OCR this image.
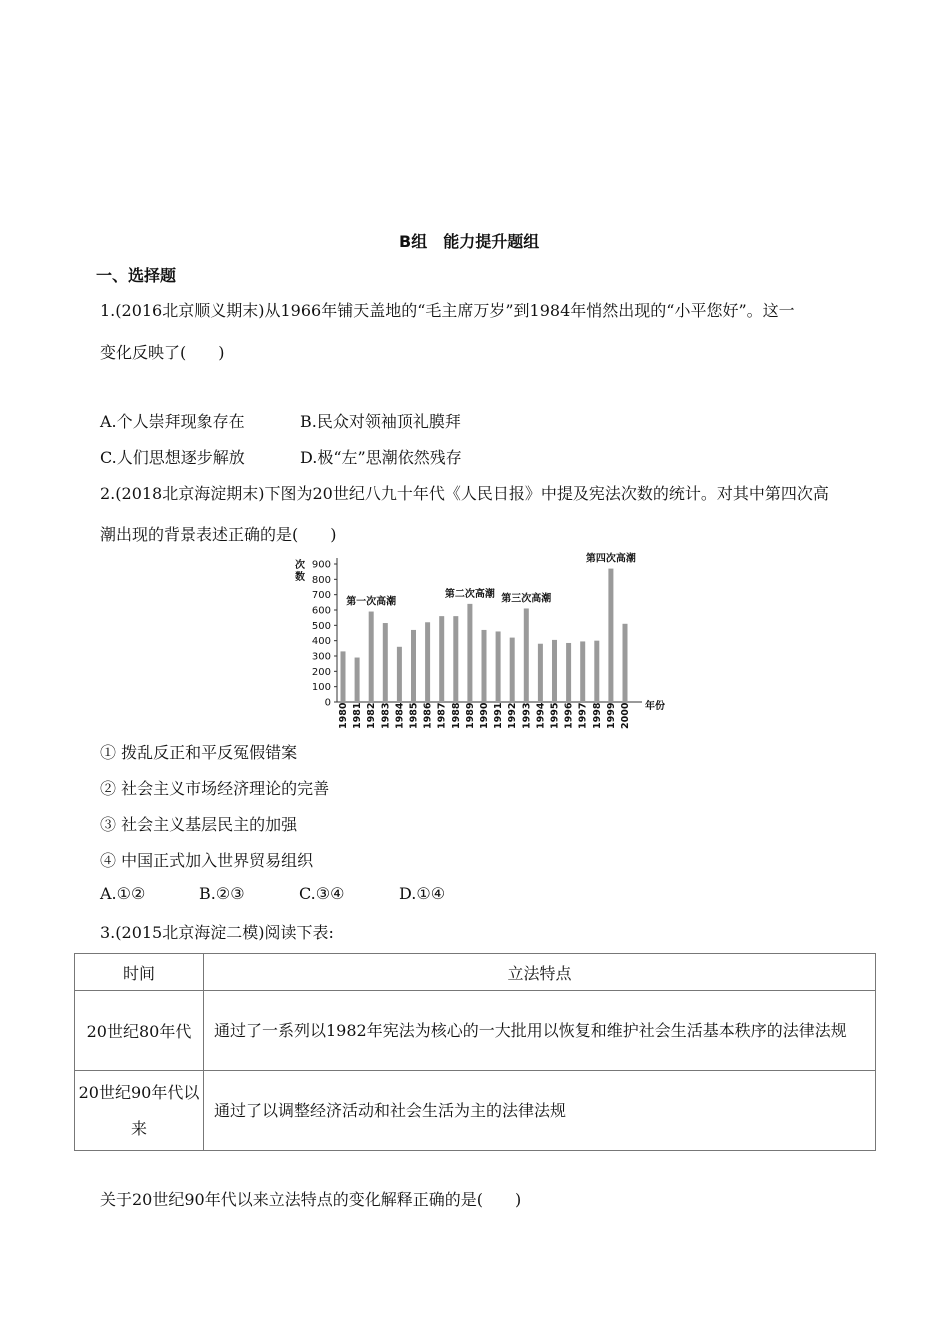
B组　能力提升题组
一、选择题
1.(2016北京顺义期末)从1966年铺天盖地的“毛主席万岁”到1984年悄然出现的“小平您好”。这一
变化反映了(　　)
A.个人崇拜现象存在	B.民众对领袖顶礼膜拜
C.人们思想逐步解放	D.极“左”思潮依然残存
2.(2018北京海淀期末)下图为20世纪八九十年代《人民日报》中提及宪法次数的统计。对其中第四次高
潮出现的背景表述正确的是(　　)
0
100
200
300
400
500
600
700
800
900
次
数
1980 1981 1982 1983 1984 1985 1986 1987 1988 1989 1990 1991 1992 1993 1994 1995 1996 1997 1998 1999 2000 年份
第一次高潮
第二次高潮 第三次高潮
第四次高潮
① 拨乱反正和平反冤假错案
② 社会主义市场经济理论的完善
③ 社会主义基层民主的加强
④ 中国正式加入世界贸易组织
A.①②	B.②③	C.③④	D.①④
3.(2015北京海淀二模)阅读下表:
时间	立法特点
20世纪80年代	通过了一系列以1982年宪法为核心的一大批用以恢复和维护社会生活基本秩序的法律法规
20世纪90年代以来	通过了以调整经济活动和社会生活为主的法律法规
关于20世纪90年代以来立法特点的变化解释正确的是(　　)
